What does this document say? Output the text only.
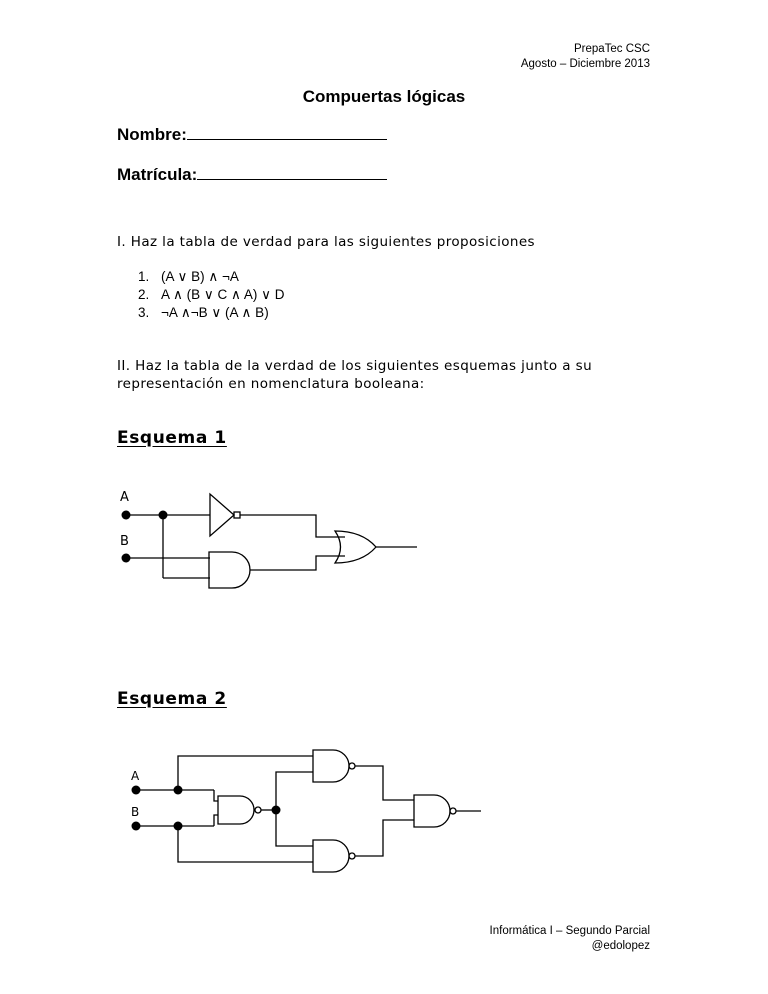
PrepaTec CSC
Agosto – Diciembre 2013
Compuertas lógicas
Nombre:
Matrícula:
I. Haz la tabla de verdad para las siguientes proposiciones
1. (A ∨ B) ∧ ¬A
2. A ∧ (B ∨ C ∧ A) ∨ D
3. ¬A ∧¬B ∨ (A ∧ B)
II. Haz la tabla de la verdad de los siguientes esquemas junto a su representación en nomenclatura booleana:
Esquema 1
A
B
Esquema 2
A
B
Informática I – Segundo Parcial
@edolopez
